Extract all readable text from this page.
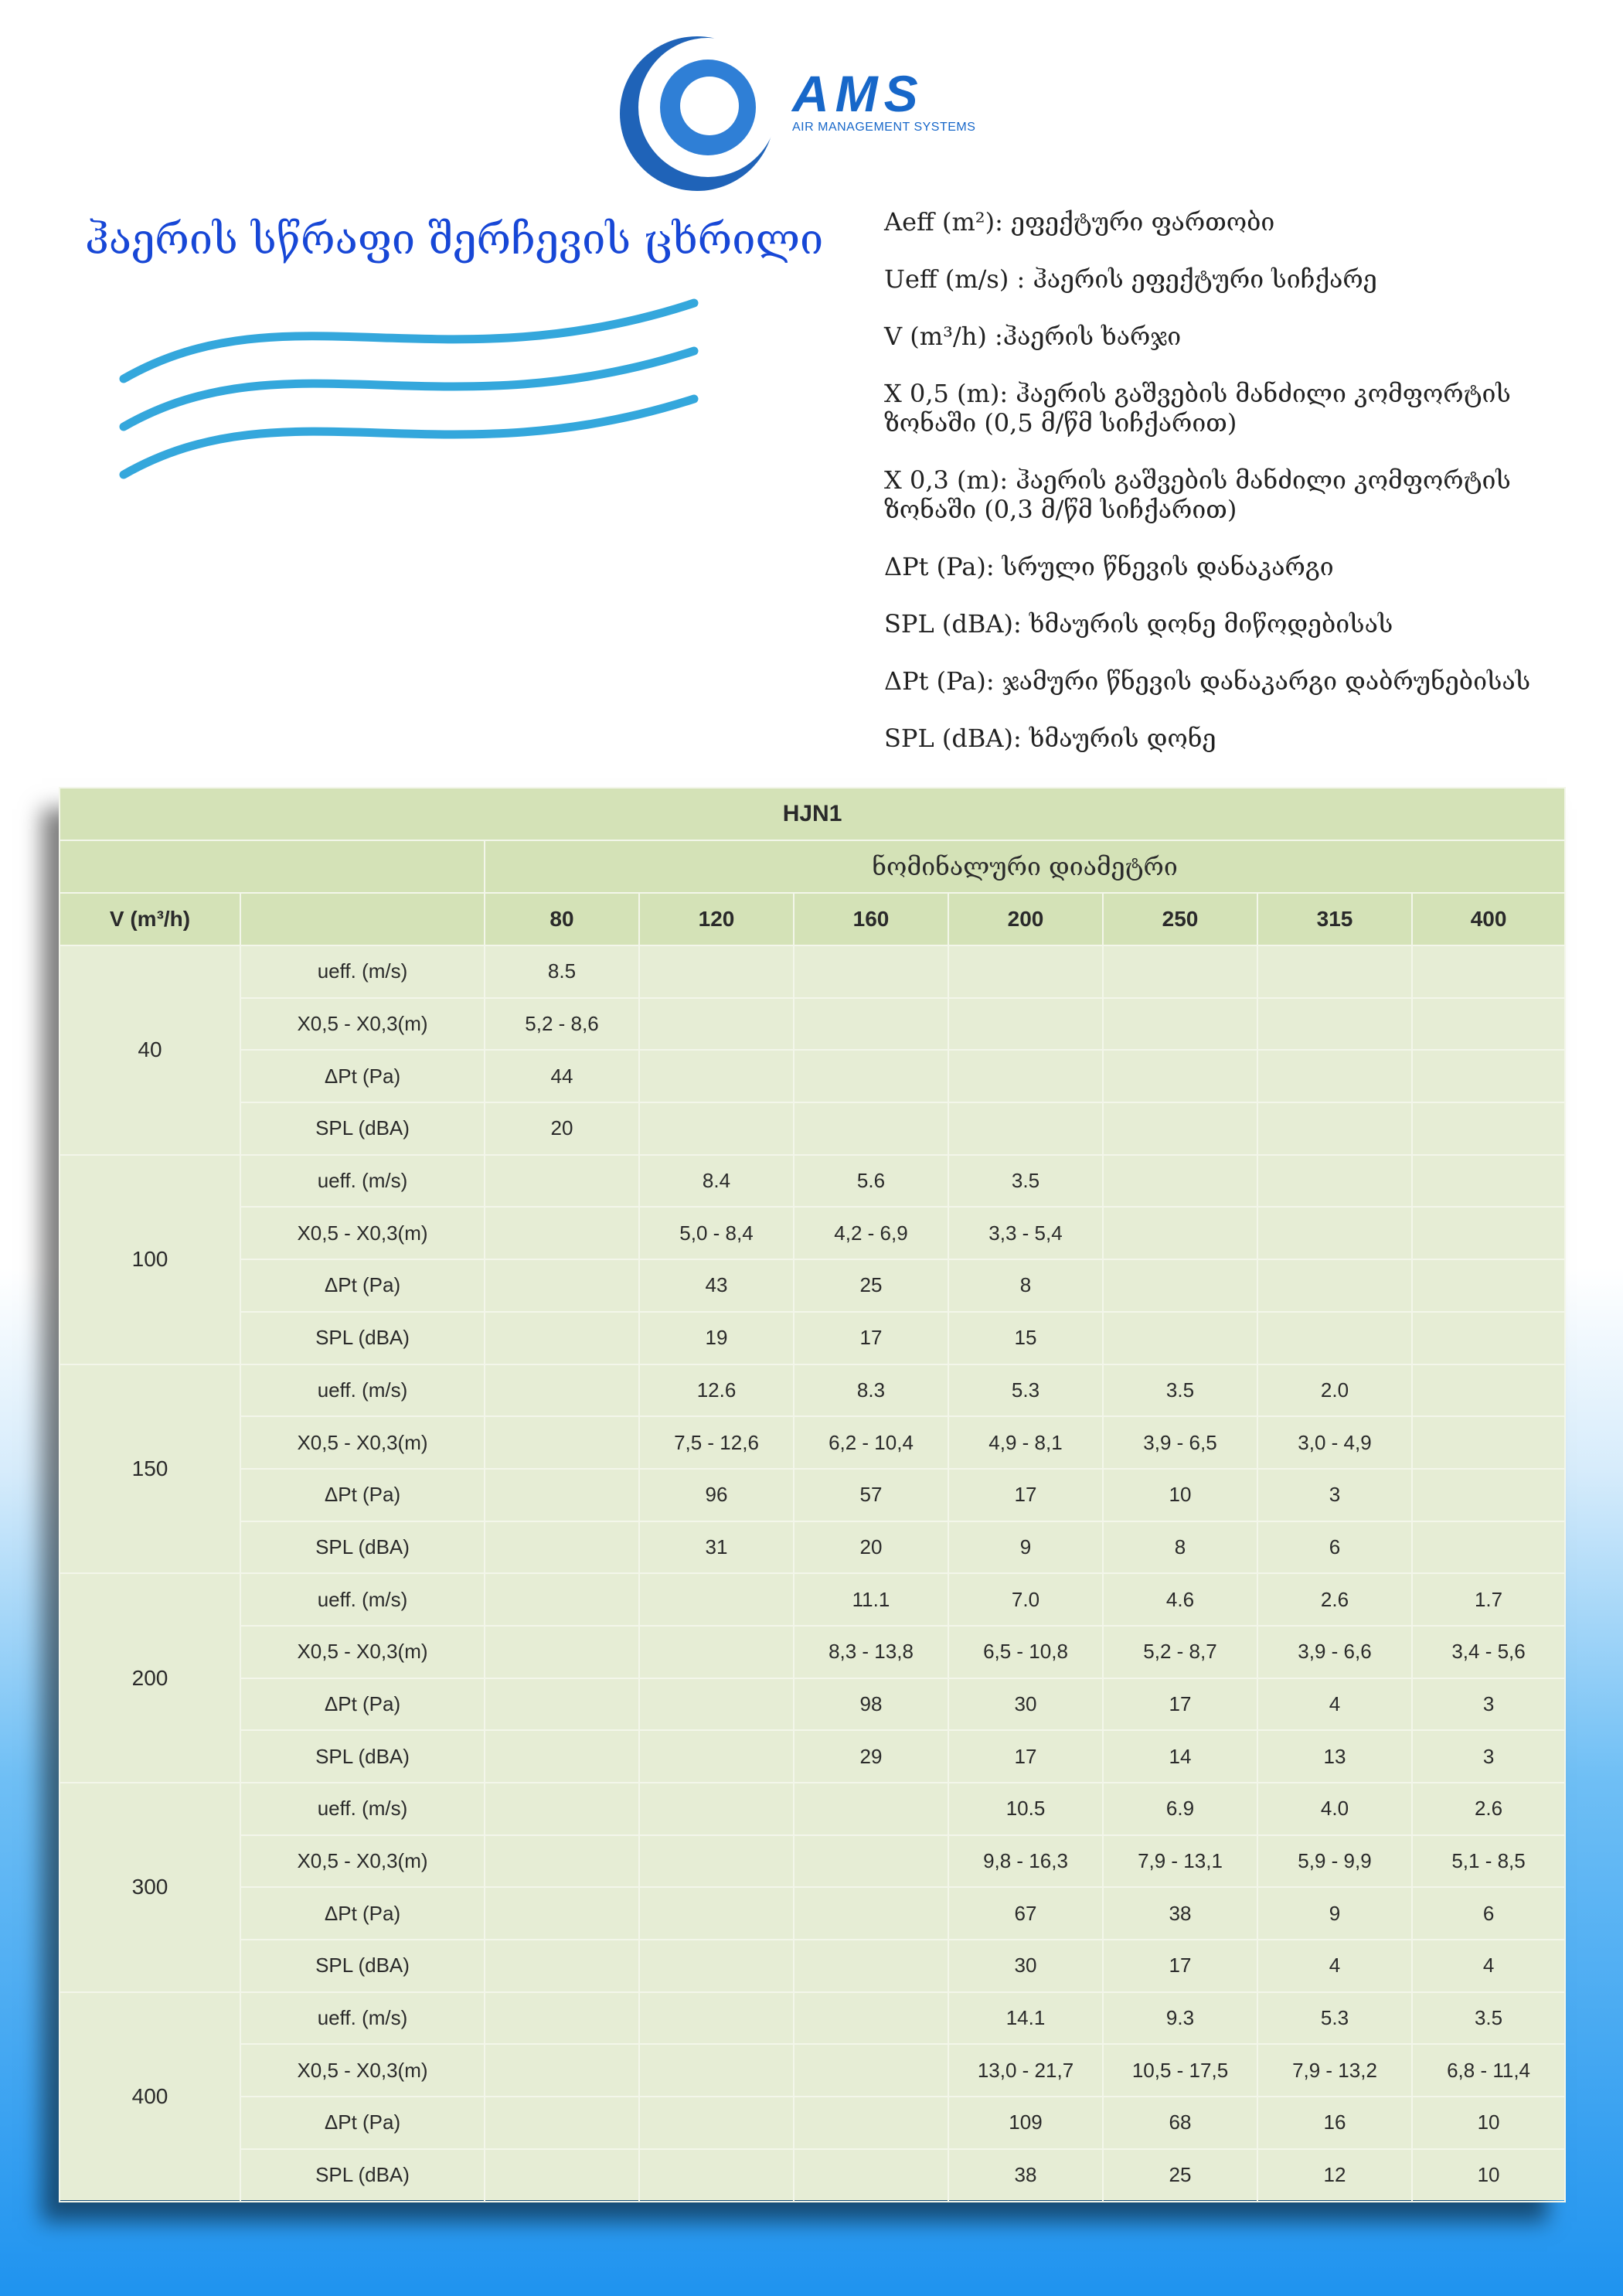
AMS
AIR MANAGEMENT SYSTEMS
ჰაერის სწრაფი შერჩევის ცხრილი Aeff (m²): ეფექტური ფართობი
Ueff (m/s) : ჰაერის ეფექტური სიჩქარე
V (m³/h) :ჰაერის ხარჯი
X 0,5 (m): ჰაერის გაშვების მანძილი კომფორტის ზონაში (0,5 მ/წმ სიჩქარით)
X 0,3 (m): ჰაერის გაშვების მანძილი კომფორტის ზონაში (0,3 მ/წმ სიჩქარით)
ΔPt (Pa): სრული წნევის დანაკარგი
SPL (dBA): ხმაურის დონე მიწოდებისას
ΔPt (Pa): ჯამური წნევის დანაკარგი დაბრუნებისას
SPL (dBA): ხმაურის დონე
HJN1								
		ნომინალური დიამეტრი						
V (m³/h)		80	120	160	200	250	315	400
40	ueff. (m/s)	8.5						
	X0,5 - X0,3(m)	5,2 - 8,6						
	ΔPt (Pa)	44						
	SPL (dBA)	20						
100	ueff. (m/s)		8.4	5.6	3.5			
	X0,5 - X0,3(m)		5,0 - 8,4	4,2 - 6,9	3,3 - 5,4			
	ΔPt (Pa)		43	25	8			
	SPL (dBA)		19	17	15			
150	ueff. (m/s)		12.6	8.3	5.3	3.5	2.0	
	X0,5 - X0,3(m)		7,5 - 12,6	6,2 - 10,4	4,9 - 8,1	3,9 - 6,5	3,0 - 4,9	
	ΔPt (Pa)		96	57	17	10	3	
	SPL (dBA)		31	20	9	8	6	
200	ueff. (m/s)			11.1	7.0	4.6	2.6	1.7
	X0,5 - X0,3(m)			8,3 - 13,8	6,5 - 10,8	5,2 - 8,7	3,9 - 6,6	3,4 - 5,6
	ΔPt (Pa)			98	30	17	4	3
	SPL (dBA)			29	17	14	13	3
300	ueff. (m/s)				10.5	6.9	4.0	2.6
	X0,5 - X0,3(m)				9,8 - 16,3	7,9 - 13,1	5,9 - 9,9	5,1 - 8,5
	ΔPt (Pa)				67	38	9	6
	SPL (dBA)				30	17	4	4
400	ueff. (m/s)				14.1	9.3	5.3	3.5
	X0,5 - X0,3(m)				13,0 - 21,7	10,5 - 17,5	7,9 - 13,2	6,8 - 11,4
	ΔPt (Pa)				109	68	16	10
	SPL (dBA)				38	25	12	10
